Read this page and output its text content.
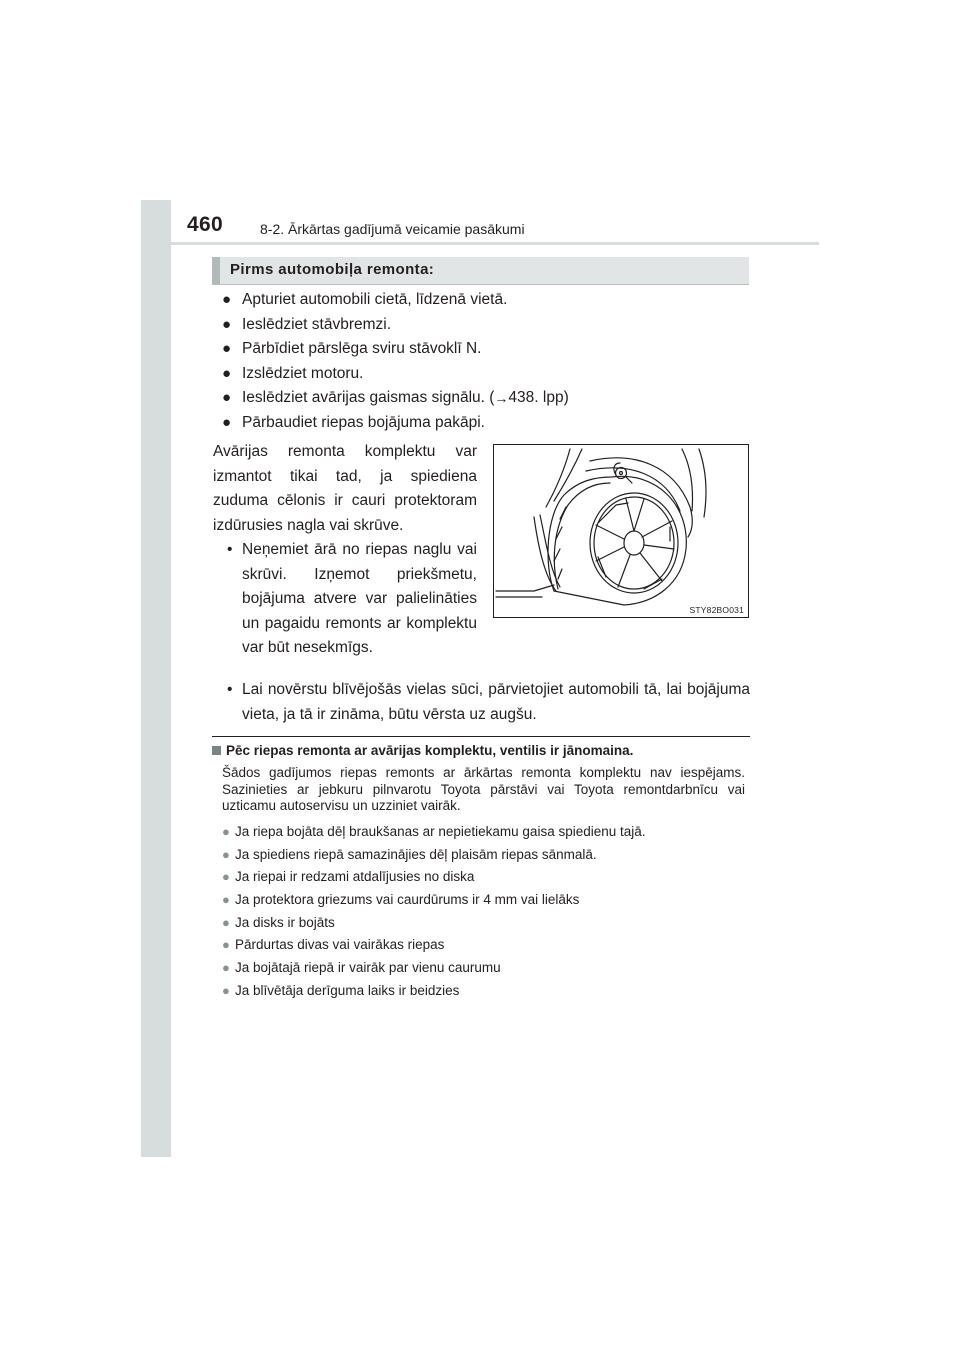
460	8-2. Ārkārtas gadījumā veicamie pasākumi
Pirms automobiļa remonta:
● Apturiet automobili cietā, līdzenā vietā.
● Ieslēdziet stāvbremzi.
● Pārbīdiet pārslēga sviru stāvoklī N.
● Izslēdziet motoru.
● Ieslēdziet avārijas gaismas signālu. ( → 438. lpp)
● Pārbaudiet riepas bojājuma pakāpi.
Avārijas remonta komplektu var izmantot tikai tad, ja spiediena zuduma cēlonis ir cauri protektoram izdūrusies nagla vai skrūve.
• Neņemiet ārā no riepas naglu vai skrūvi. Izņemot priekšmetu, bojājuma atvere var palielināties un pagaidu remonts ar komplektu var būt nesekmīgs.
• Lai novērstu blīvējošās vielas sūci, pārvietojiet automobili tā, lai bojājuma vieta, ja tā ir zināma, būtu vērsta uz augšu.
STY82BO031
Pēc riepas remonta ar avārijas komplektu, ventilis ir jānomaina.
Šādos gadījumos riepas remonts ar ārkārtas remonta komplektu nav iespējams. Sazinieties ar jebkuru pilnvarotu Toyota pārstāvi vai Toyota remontdarbnīcu vai uzticamu autoservisu un uzziniet vairāk.
● Ja riepa bojāta dēļ braukšanas ar nepietiekamu gaisa spiedienu tajā.
● Ja spiediens riepā samazinājies dēļ plaisām riepas sānmalā.
● Ja riepai ir redzami atdalījusies no diska
● Ja protektora griezums vai caurdūrums ir 4 mm vai lielāks
● Ja disks ir bojāts
● Pārdurtas divas vai vairākas riepas
● Ja bojātajā riepā ir vairāk par vienu caurumu
● Ja blīvētāja derīguma laiks ir beidzies
